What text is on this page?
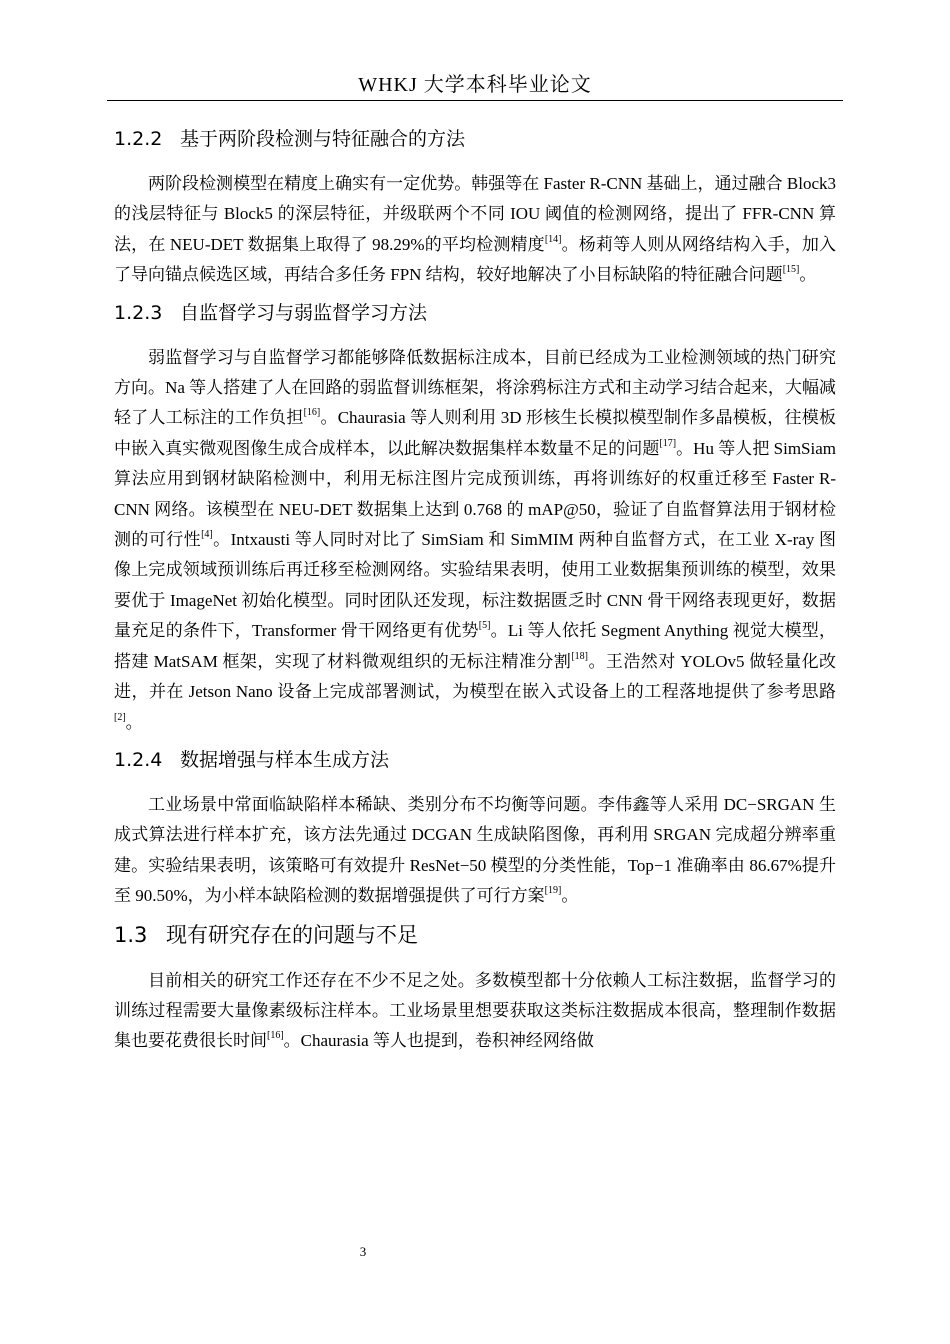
WHKJ 大学本科毕业论文
1.2.2 基于两阶段检测与特征融合的方法

两阶段检测模型在精度上确实有一定优势。韩强等在 Faster R-CNN 基础上，通过融合 Block3 的浅层特征与 Block5 的深层特征，并级联两个不同 IOU 阈值的检测网络，提出了 FFR-CNN 算法，在 NEU-DET 数据集上取得了 98.29%的平均检测精度[14]。杨莉等人则从网络结构入手，加入了导向锚点候选区域，再结合多任务 FPN 结构，较好地解决了小目标缺陷的特征融合问题[15]。

1.2.3 自监督学习与弱监督学习方法

弱监督学习与自监督学习都能够降低数据标注成本，目前已经成为工业检测领域的热门研究方向。Na 等人搭建了人在回路的弱监督训练框架，将涂鸦标注方式和主动学习结合起来，大幅减轻了人工标注的工作负担[16]。Chaurasia 等人则利用 3D 形核生长模拟模型制作多晶模板，往模板中嵌入真实微观图像生成合成样本，以此解决数据集样本数量不足的问题[17]。Hu 等人把 SimSiam 算法应用到钢材缺陷检测中，利用无标注图片完成预训练，再将训练好的权重迁移至 Faster R-CNN 网络。该模型在 NEU-DET 数据集上达到 0.768 的 mAP@50，验证了自监督算法用于钢材检测的可行性[4]。Intxausti 等人同时对比了 SimSiam 和 SimMIM 两种自监督方式，在工业 X-ray 图像上完成领域预训练后再迁移至检测网络。实验结果表明，使用工业数据集预训练的模型，效果要优于 ImageNet 初始化模型。同时团队还发现，标注数据匮乏时 CNN 骨干网络表现更好，数据量充足的条件下，Transformer 骨干网络更有优势[5]。Li 等人依托 Segment Anything 视觉大模型，搭建 MatSAM 框架，实现了材料微观组织的无标注精准分割[18]。王浩然对 YOLOv5 做轻量化改进，并在 Jetson Nano 设备上完成部署测试，为模型在嵌入式设备上的工程落地提供了参考思路[2]。

1.2.4 数据增强与样本生成方法

工业场景中常面临缺陷样本稀缺、类别分布不均衡等问题。李伟鑫等人采用 DC−SRGAN 生成式算法进行样本扩充，该方法先通过 DCGAN 生成缺陷图像，再利用 SRGAN 完成超分辨率重建。实验结果表明，该策略可有效提升 ResNet−50 模型的分类性能，Top−1 准确率由 86.67%提升至 90.50%，为小样本缺陷检测的数据增强提供了可行方案[19]。

1.3 现有研究存在的问题与不足

目前相关的研究工作还存在不少不足之处。多数模型都十分依赖人工标注数据，监督学习的训练过程需要大量像素级标注样本。工业场景里想要获取这类标注数据成本很高，整理制作数据集也要花费很长时间[16]。Chaurasia 等人也提到，卷积神经网络做

3
